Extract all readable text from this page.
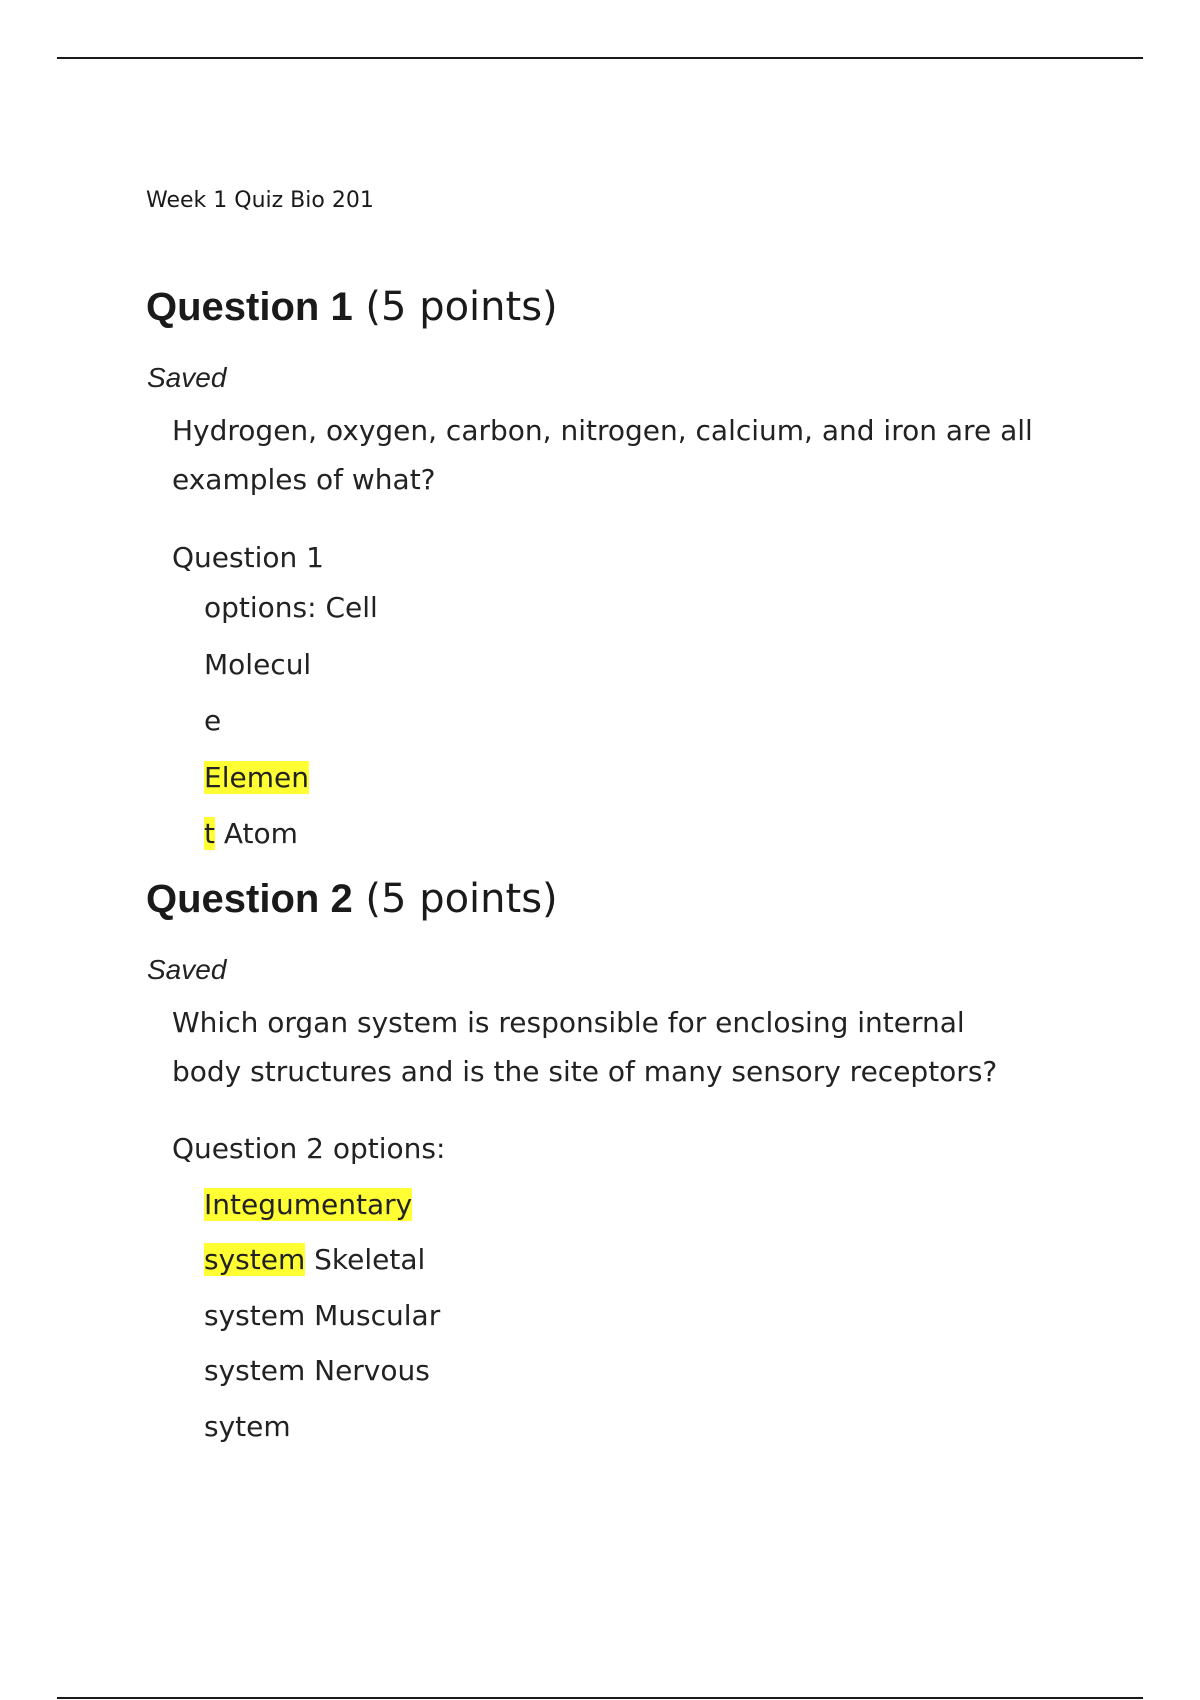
Week 1 Quiz Bio 201
Question 1 (5 points)
Saved
Hydrogen, oxygen, carbon, nitrogen, calcium, and iron are all
examples of what?
Question 1
options: Cell
Molecul
e
Elemen
t Atom
Question 2 (5 points)
Saved
Which organ system is responsible for enclosing internal
body structures and is the site of many sensory receptors?
Question 2 options:
Integumentary
system Skeletal
system Muscular
system Nervous
sytem
